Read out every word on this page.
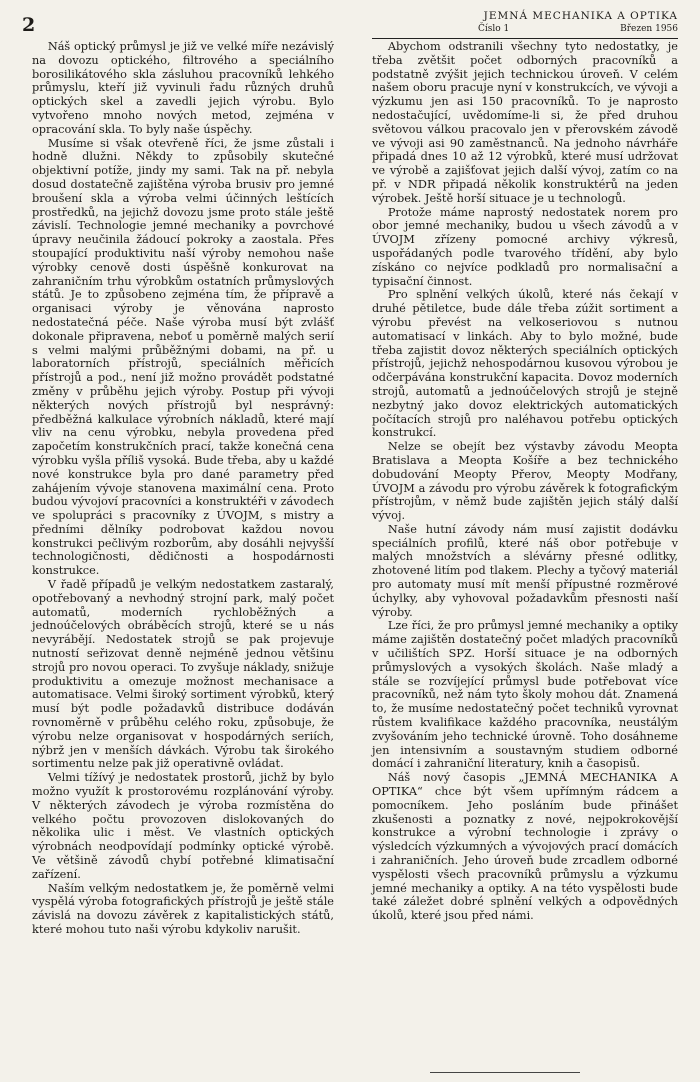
2	JEMNÁ MECHANIKA A OPTIKA
Číslo 1	Březen 1956

Náš optický průmysl je již ve velké míře nezávislý na dovozu optického, filtrového a speciálního borosilikátového skla zásluhou pracovníků lehkého průmyslu, kteří již vyvinuli řadu různých druhů optických skel a zavedli jejich výrobu. Bylo vytvořeno mnoho nových metod, zejména v opracování skla. To byly naše úspěchy.

Musíme si však otevřeně říci, že jsme zůstali i hodně dlužni. Někdy to způsobily skutečné objektivní potíže, jindy my sami. Tak na př. nebyla dosud dostatečně zajištěna výroba brusiv pro jemné broušení skla a výroba velmi účinných leštících prostředků, na jejichž dovozu jsme proto stále ještě závislí. Technologie jemné mechaniky a povrchové úpravy neučinila žádoucí pokroky a zaostala. Přes stoupající produktivitu naší výroby nemohou naše výrobky cenově dosti úspěšně konkurovat na zahraničním trhu výrobkům ostatních průmyslových států. Je to způsobeno zejména tím, že přípravě a organisaci výroby je věnována naprosto nedostatečná péče. Naše výroba musí být zvlášť dokonale připravena, neboť u poměrně malých serií s velmi malými průběžnými dobami, na př. u laboratorních přístrojů, speciálních měřicích přístrojů a pod., není již možno provádět podstatné změny v průběhu jejich výroby. Postup při vývoji některých nových přístrojů byl nesprávný: předběžná kalkulace výrobních nákladů, které mají vliv na cenu výrobku, nebyla provedena před započetím konstrukčních prací, takže konečná cena výrobku vyšla příliš vysoká. Bude třeba, aby u každé nové konstrukce byla pro dané parametry před zahájením vývoje stanovena maximální cena. Proto budou vývojoví pracovníci a konstruktéři v závodech ve spolupráci s pracovníky z ÚVOJM, s mistry a předními dělníky podrobovat každou novou konstrukci pečlivým rozborům, aby dosáhli nejvyšší technologičnosti, dědičnosti a hospodárnosti konstrukce.

V řadě případů je velkým nedostatkem zastaralý, opotřebovaný a nevhodný strojní park, malý počet automatů, moderních rychloběžných a jednoúčelových obráběcích strojů, které se u nás nevyrábějí. Nedostatek strojů se pak projevuje nutností seřizovat denně nejméně jednou většinu strojů pro novou operaci. To zvyšuje náklady, snižuje produktivitu a omezuje možnost mechanisace a automatisace. Velmi široký sortiment výrobků, který musí být podle požadavků distribuce dodáván rovnoměrně v průběhu celého roku, způsobuje, že výrobu nelze organisovat v hospodárných seriích, nýbrž jen v menších dávkách. Výrobu tak širokého sortimentu nelze pak již operativně ovládat.

Velmi tížívý je nedostatek prostorů, jichž by bylo možno využít k prostorovému rozplánování výroby. V některých závodech je výroba rozmístěna do velkého počtu provozoven dislokovaných do několika ulic i měst. Ve vlastních optických výrobnách neodpovídají podmínky optické výrobě. Ve většině závodů chybí potřebné klimatisační zařízení.

Naším velkým nedostatkem je, že poměrně velmi vyspělá výroba fotografických přístrojů je ještě stále závislá na dovozu závěrek z kapitalistických států, které mohou tuto naši výrobu kdykoliv narušit.

Abychom odstranili všechny tyto nedostatky, je třeba zvětšit počet odborných pracovníků a podstatně zvýšit jejich technickou úroveň. V celém našem oboru pracuje nyní v konstrukcích, ve vývoji a výzkumu jen asi 150 pracovníků. To je naprosto nedostačující, uvědomíme-li si, že před druhou světovou válkou pracovalo jen v přerovském závodě ve vývoji asi 90 zaměstnanců. Na jednoho návrháře připadá dnes 10 až 12 výrobků, které musí udržovat ve výrobě a zajišťovat jejich další vývoj, zatím co na př. v NDR připadá několik konstruktérů na jeden výrobek. Ještě horší situace je u technologů.

Protože máme naprostý nedostatek norem pro obor jemné mechaniky, budou u všech závodů a v ÚVOJM zřízeny pomocné archivy výkresů, uspořádaných podle tvarového třídění, aby bylo získáno co nejvíce podkladů pro normalisační a typisační činnost.

Pro splnění velkých úkolů, které nás čekají v druhé pětiletce, bude dále třeba zúžit sortiment a výrobu převést na velkoseriovou s nutnou automatisací v linkách. Aby to bylo možné, bude třeba zajistit dovoz některých speciálních optických přístrojů, jejichž nehospodárnou kusovou výrobou je odčerpávána konstrukční kapacita. Dovoz moderních strojů, automatů a jednoúčelových strojů je stejně nezbytný jako dovoz elektrických automatických počítacích strojů pro naléhavou potřebu optických konstrukcí.

Nelze se obejít bez výstavby závodu Meopta Bratislava a Meopta Košíře a bez technického dobudování Meopty Přerov, Meopty Modřany, ÚVOJM a závodu pro výrobu závěrek k fotografickým přístrojům, v němž bude zajištěn jejich stálý další vývoj.

Naše hutní závody nám musí zajistit dodávku speciálních profilů, které náš obor potřebuje v malých množstvích a slévárny přesné odlitky, zhotovené litím pod tlakem. Plechy a tyčový materiál pro automaty musí mít menší přípustné rozměrové úchylky, aby vyhovoval požadavkům přesnosti naší výroby.

Lze říci, že pro průmysl jemné mechaniky a optiky máme zajištěn dostatečný počet mladých pracovníků v učilištích SPZ. Horší situace je na odborných průmyslových a vysokých školách. Naše mladý a stále se rozvíjející průmysl bude potřebovat více pracovníků, než nám tyto školy mohou dát. Znamená to, že musíme nedostatečný počet techniků vyrovnat růstem kvalifikace každého pracovníka, neustálým zvyšováním jeho technické úrovně. Toho dosáhneme jen intensivním a soustavným studiem odborné domácí i zahraniční literatury, knih a časopisů.

Náš nový časopis „JEMNÁ MECHANIKA A OPTIKA“ chce být všem upřímným rádcem a pomocníkem. Jeho posláním bude přinášet zkušenosti a poznatky z nové, nejpokrokovější konstrukce a výrobní technologie i zprávy o výsledcích výzkumných a vývojových prací domácích i zahraničních. Jeho úroveň bude zrcadlem odborné vyspělosti všech pracovníků průmyslu a výzkumu jemné mechaniky a optiky. A na této vyspělosti bude také záležet dobré splnění velkých a odpovědných úkolů, které jsou před námi.
